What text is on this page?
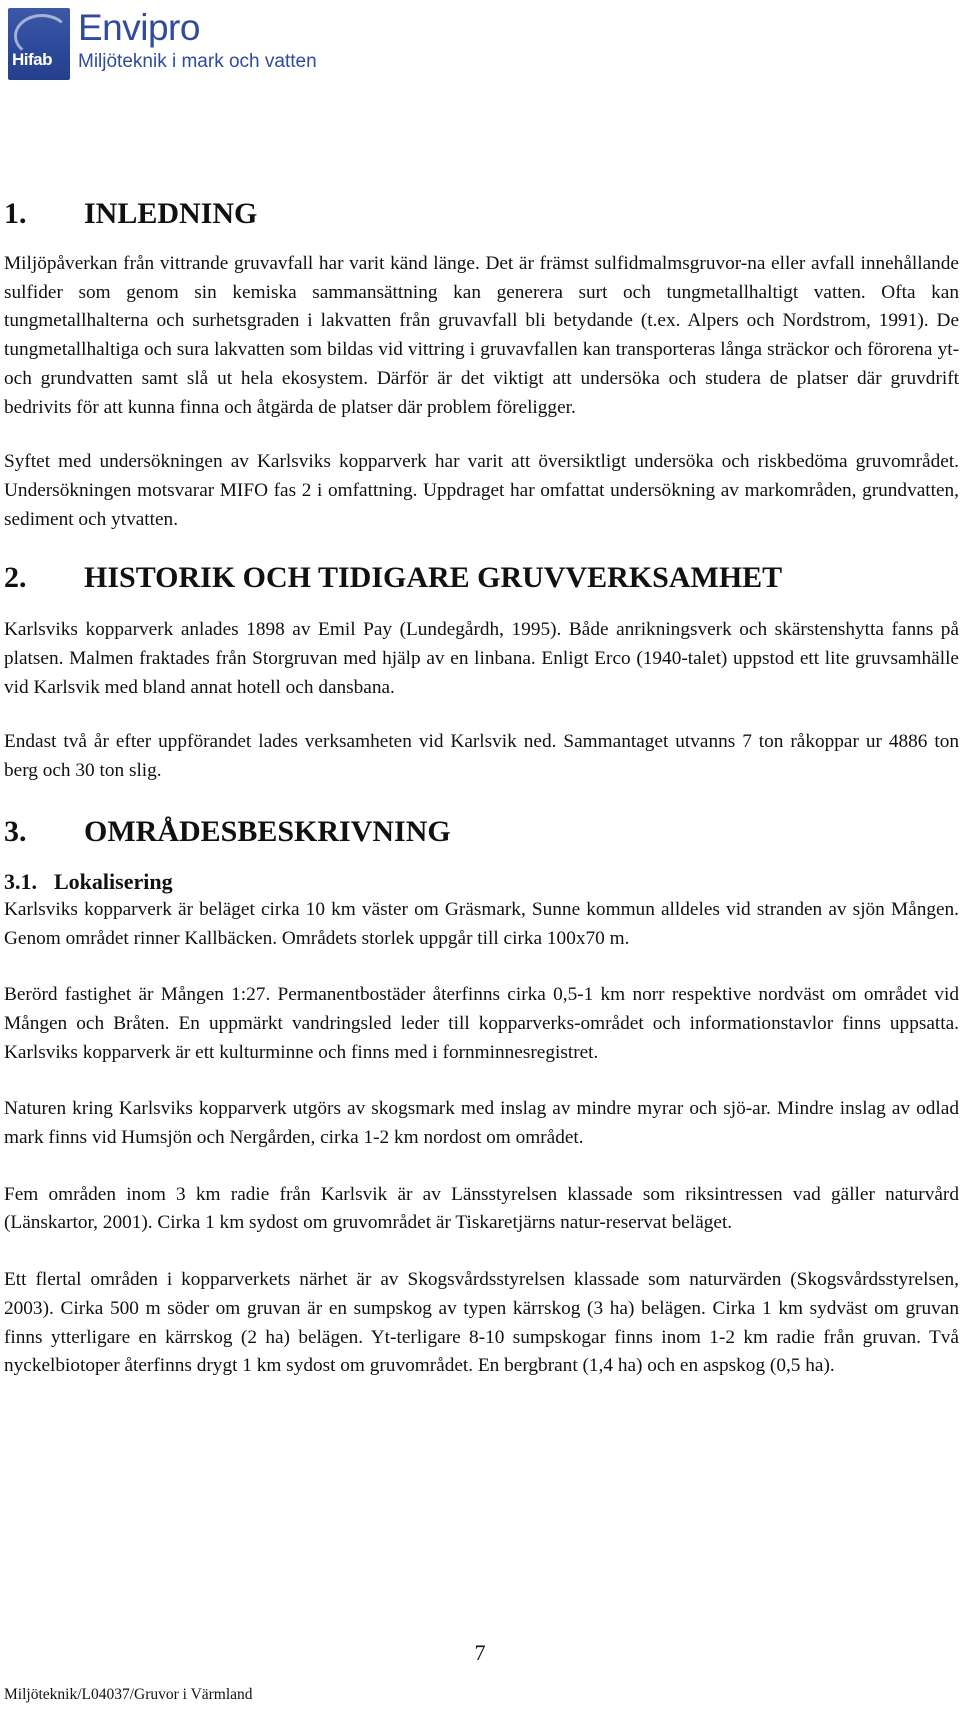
Hifab
Envipro
Miljöteknik i mark och vatten
1.	INLEDNING

Miljöpåverkan från vittrande gruvavfall har varit känd länge. Det är främst sulfidmalmsgruvor-na eller avfall innehållande sulfider som genom sin kemiska sammansättning kan generera surt och tungmetallhaltigt vatten. Ofta kan tungmetallhalterna och surhetsgraden i lakvatten från gruvavfall bli betydande (t.ex. Alpers och Nordstrom, 1991). De tungmetallhaltiga och sura lakvatten som bildas vid vittring i gruvavfallen kan transporteras långa sträckor och förorena yt- och grundvatten samt slå ut hela ekosystem. Därför är det viktigt att undersöka och studera de platser där gruvdrift bedrivits för att kunna finna och åtgärda de platser där problem föreligger.

Syftet med undersökningen av Karlsviks kopparverk har varit att översiktligt undersöka och riskbedöma gruvområdet. Undersökningen motsvarar MIFO fas 2 i omfattning. Uppdraget har omfattat undersökning av markområden, grundvatten, sediment och ytvatten.

2.	HISTORIK OCH TIDIGARE GRUVVERKSAMHET

Karlsviks kopparverk anlades 1898 av Emil Pay (Lundegårdh, 1995). Både anrikningsverk och skärstenshytta fanns på platsen. Malmen fraktades från Storgruvan med hjälp av en linbana. Enligt Erco (1940-talet) uppstod ett lite gruvsamhälle vid Karlsvik med bland annat hotell och dansbana.

Endast två år efter uppförandet lades verksamheten vid Karlsvik ned. Sammantaget utvanns 7 ton råkoppar ur 4886 ton berg och 30 ton slig.

3.	OMRÅDESBESKRIVNING
3.1. Lokalisering

Karlsviks kopparverk är beläget cirka 10 km väster om Gräsmark, Sunne kommun alldeles vid stranden av sjön Mången. Genom området rinner Kallbäcken. Områdets storlek uppgår till cirka 100x70 m.

Berörd fastighet är Mången 1:27. Permanentbostäder återfinns cirka 0,5-1 km norr respektive nordväst om området vid Mången och Bråten. En uppmärkt vandringsled leder till kopparverks-området och informationstavlor finns uppsatta. Karlsviks kopparverk är ett kulturminne och finns med i fornminnesregistret.

Naturen kring Karlsviks kopparverk utgörs av skogsmark med inslag av mindre myrar och sjö-ar. Mindre inslag av odlad mark finns vid Humsjön och Nergården, cirka 1-2 km nordost om området.

Fem områden inom 3 km radie från Karlsvik är av Länsstyrelsen klassade som riksintressen vad gäller naturvård (Länskartor, 2001). Cirka 1 km sydost om gruvområdet är Tiskaretjärns natur-reservat beläget.

Ett flertal områden i kopparverkets närhet är av Skogsvårdsstyrelsen klassade som naturvärden (Skogsvårdsstyrelsen, 2003). Cirka 500 m söder om gruvan är en sumpskog av typen kärrskog (3 ha) belägen. Cirka 1 km sydväst om gruvan finns ytterligare en kärrskog (2 ha) belägen. Yt-terligare 8-10 sumpskogar finns inom 1-2 km radie från gruvan. Två nyckelbiotoper återfinns drygt 1 km sydost om gruvområdet. En bergbrant (1,4 ha) och en aspskog (0,5 ha).

7
Miljöteknik/L04037/Gruvor i Värmland
